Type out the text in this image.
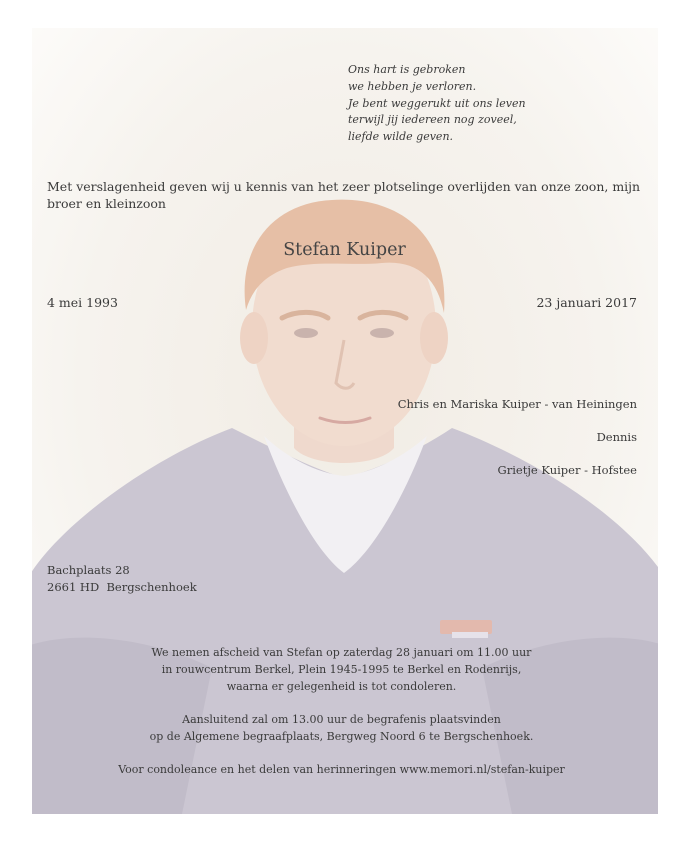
Ons hart is gebroken
we hebben je verloren.
Je bent weggerukt uit ons leven
terwijl jij iedereen nog zoveel,
liefde wilde geven.
Met verslagenheid geven wij u kennis van het zeer plotselinge overlijden van onze zoon, mijn broer en kleinzoon
Stefan Kuiper
4 mei 1993	23 januari 2017
Chris en Mariska Kuiper - van Heiningen
Dennis
Grietje Kuiper - Hofstee
Bachplaats 28
2661 HD  Bergschenhoek
We nemen afscheid van Stefan op zaterdag 28 januari om 11.00 uur
in rouwcentrum Berkel, Plein 1945-1995 te Berkel en Rodenrijs,
waarna er gelegenheid is tot condoleren.
Aansluitend zal om 13.00 uur de begrafenis plaatsvinden
op de Algemene begraafplaats, Bergweg Noord 6 te Bergschenhoek.
Voor condoleance en het delen van herinneringen www.memori.nl/stefan-kuiper
